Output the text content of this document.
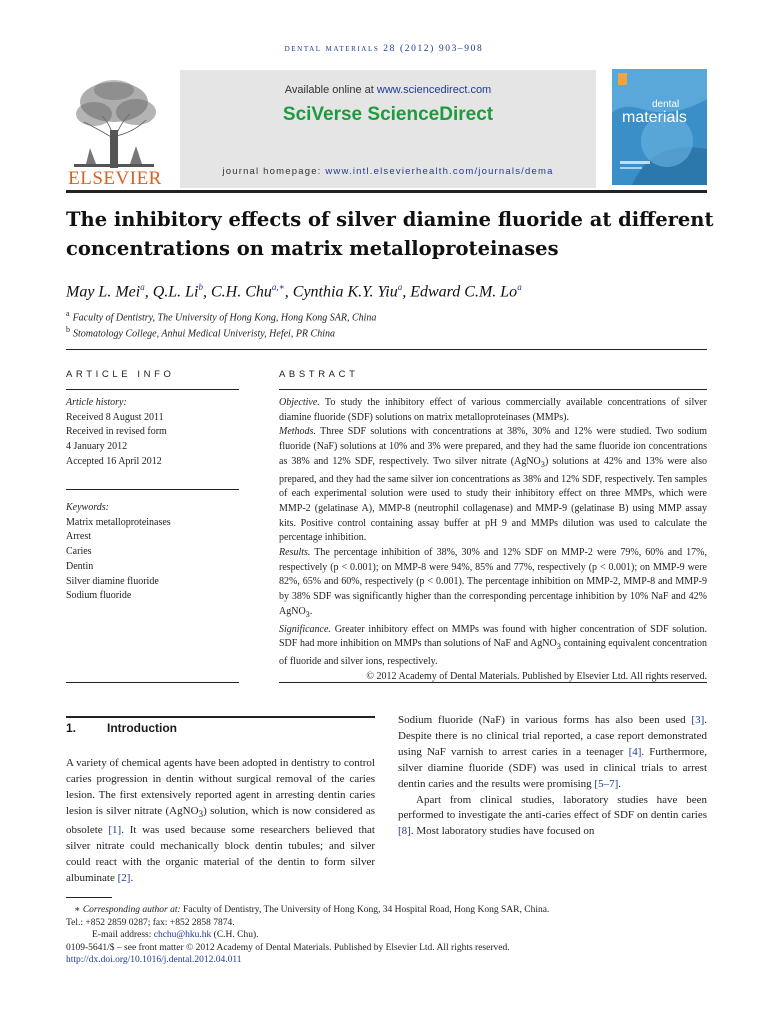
dental materials 28 (2012) 903–908
ELSEVIER
Available online at www.sciencedirect.com
SciVerse ScienceDirect
journal homepage: www.intl.elsevierhealth.com/journals/dema
dental
materials
The inhibitory effects of silver diamine fluoride at different concentrations on matrix metalloproteinases
May L. Mei$^a$, Q.L. Li$^b$, C.H. Chu$^{a,∗}$, Cynthia K.Y. Yiu$^a$, Edward C.M. Lo$^a$
$^a$ Faculty of Dentistry, The University of Hong Kong, Hong Kong SAR, China
$^b$ Stomatology College, Anhui Medical Univeristy, Hefei, PR China
ARTICLE INFO
Article history:
Received 8 August 2011
Received in revised form
4 January 2012
Accepted 16 April 2012
Keywords:
Matrix metalloproteinases
Arrest
Caries
Dentin
Silver diamine fluoride
Sodium fluoride
ABSTRACT

Objective. To study the inhibitory effect of various commercially available concentrations of silver diamine fluoride (SDF) solutions on matrix metalloproteinases (MMPs).

Methods. Three SDF solutions with concentrations at 38%, 30% and 12% were studied. Two sodium fluoride (NaF) solutions at 10% and 3% were prepared, and they had the same fluoride ion concentrations as 38% and 12% SDF, respectively. Two silver nitrate (AgNO$_3$) solutions at 42% and 13% were also prepared, and they had the same silver ion concentrations as 38% and 12% SDF, respectively. Ten samples of each experimental solution were used to study their inhibitory effect on three MMPs, which were MMP-2 (gelatinase A), MMP-8 (neutrophil collagenase) and MMP-9 (gelatinase B) using MMP assay kits. Positive control containing assay buffer at pH 9 and MMPs dilution was used to calculate the percentage inhibition.

Results. The percentage inhibition of 38%, 30% and 12% SDF on MMP-2 were 79%, 60% and 17%, respectively (p < 0.001); on MMP-8 were 94%, 85% and 77%, respectively (p < 0.001); on MMP-9 were 82%, 65% and 60%, respectively (p < 0.001). The percentage inhibition on MMP-2, MMP-8 and MMP-9 by 38% SDF was significantly higher than the corresponding percentage inhibition by 10% NaF and 42% AgNO$_3$.

Significance. Greater inhibitory effect on MMPs was found with higher concentration of SDF solution. SDF had more inhibition on MMPs than solutions of NaF and AgNO$_3$ containing equivalent concentration of fluoride and silver ions, respectively.

© 2012 Academy of Dental Materials. Published by Elsevier Ltd. All rights reserved.

1.	Introduction

A variety of chemical agents have been adopted in dentistry to control caries progression in dentin without surgical removal of the caries lesion. The first extensively reported agent in arresting dentin caries lesion is silver nitrate (AgNO$_3$) solution, which is now considered as obsolete [1]. It was used because some researchers believed that silver nitrate could mechanically block dentin tubules; and silver could react with the organic material of the dentin to form silver albuminate [2].

Sodium fluoride (NaF) in various forms has also been used [3]. Despite there is no clinical trial reported, a case report demonstrated using NaF varnish to arrest caries in a teenager [4]. Furthermore, silver diamine fluoride (SDF) was used in clinical trials to arrest dentin caries and the results were promising [5–7].

Apart from clinical studies, laboratory studies have been performed to investigate the anti-caries effect of SDF on dentin caries [8]. Most laboratory studies have focused on

∗ Corresponding author at: Faculty of Dentistry, The University of Hong Kong, 34 Hospital Road, Hong Kong SAR, China.
Tel.: +852 2859 0287; fax: +852 2858 7874.
E-mail address: chchu@hku.hk (C.H. Chu).
0109-5641/$ – see front matter © 2012 Academy of Dental Materials. Published by Elsevier Ltd. All rights reserved.
http://dx.doi.org/10.1016/j.dental.2012.04.011
